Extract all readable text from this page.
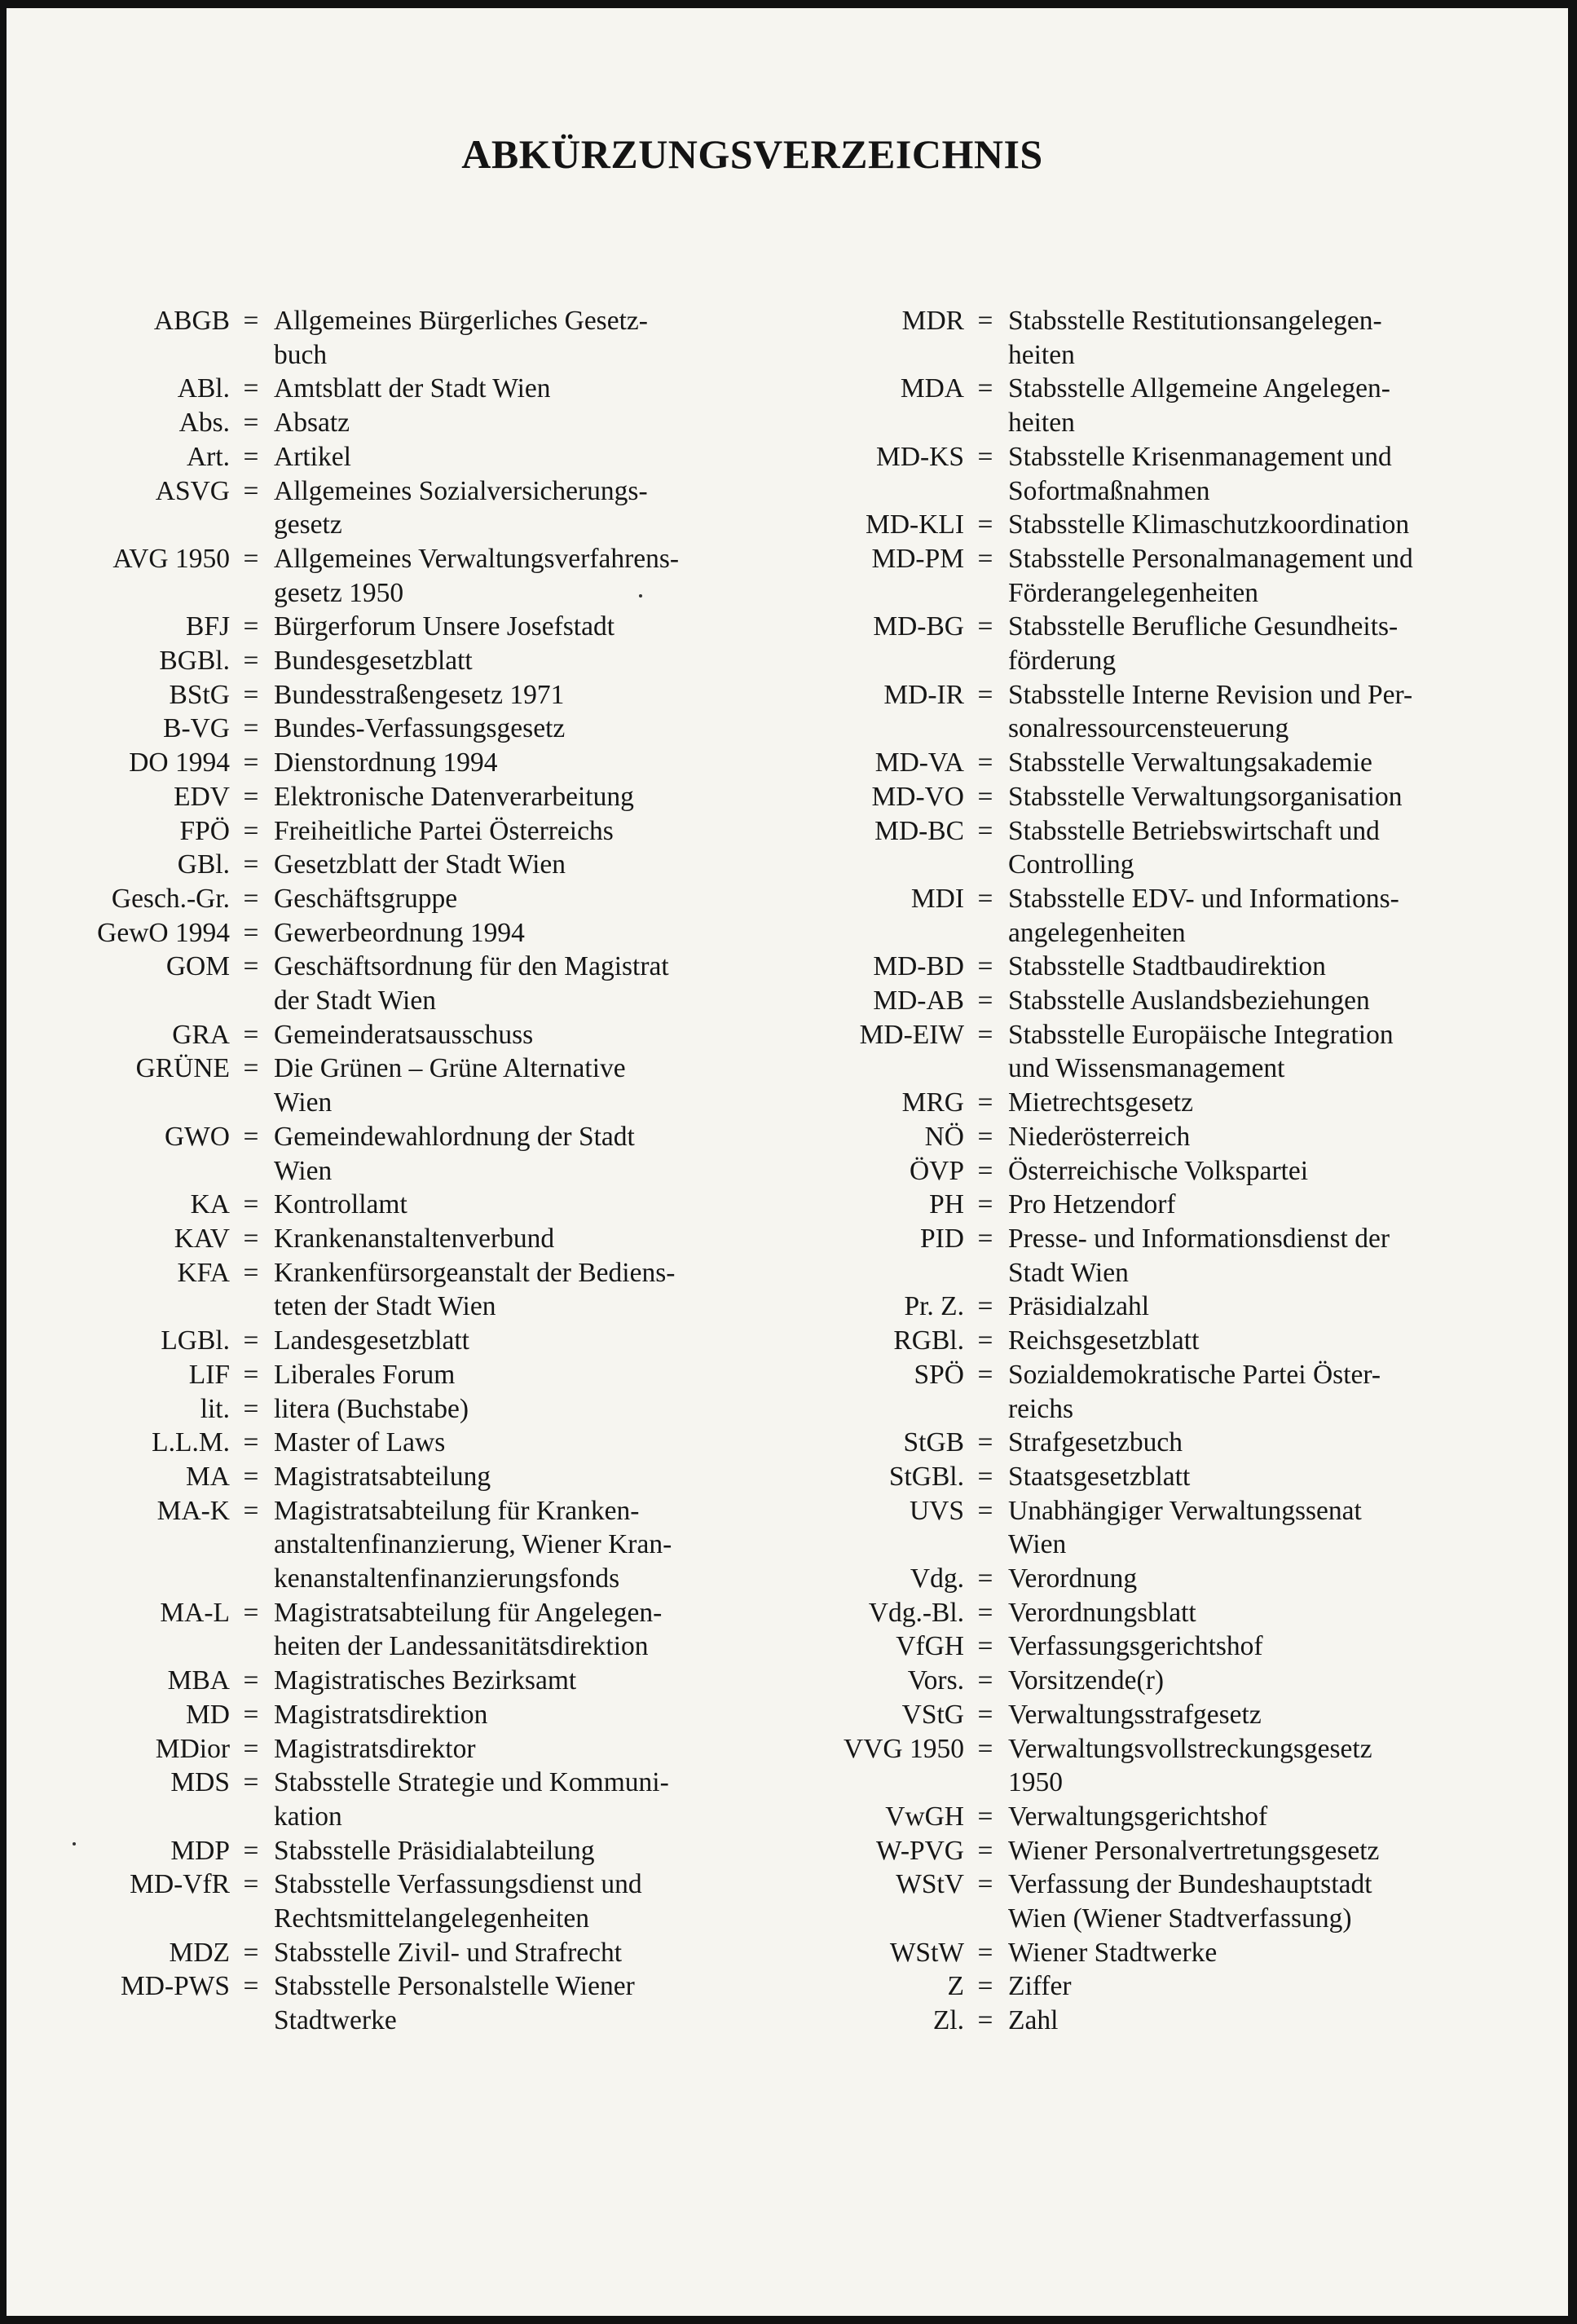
ABKÜRZUNGSVERZEICHNIS
ABGB = Allgemeines Bürgerliches Gesetz-
buch
ABl. = Amtsblatt der Stadt Wien
Abs. = Absatz
Art. = Artikel
ASVG = Allgemeines Sozialversicherungs-
gesetz
AVG 1950 = Allgemeines Verwaltungsverfahrens-
gesetz 1950
BFJ = Bürgerforum Unsere Josefstadt
BGBl. = Bundesgesetzblatt
BStG = Bundesstraßengesetz 1971
B-VG = Bundes-Verfassungsgesetz
DO 1994 = Dienstordnung 1994
EDV = Elektronische Datenverarbeitung
FPÖ = Freiheitliche Partei Österreichs
GBl. = Gesetzblatt der Stadt Wien
Gesch.-Gr. = Geschäftsgruppe
GewO 1994 = Gewerbeordnung 1994
GOM = Geschäftsordnung für den Magistrat
der Stadt Wien
GRA = Gemeinderatsausschuss
GRÜNE = Die Grünen – Grüne Alternative
Wien
GWO = Gemeindewahlordnung der Stadt
Wien
KA = Kontrollamt
KAV = Krankenanstaltenverbund
KFA = Krankenfürsorgeanstalt der Bediens-
teten der Stadt Wien
LGBl. = Landesgesetzblatt
LIF = Liberales Forum
lit. = litera (Buchstabe)
L.L.M. = Master of Laws
MA = Magistratsabteilung
MA-K = Magistratsabteilung für Kranken-
anstaltenfinanzierung, Wiener Kran-
kenanstaltenfinanzierungsfonds
MA-L = Magistratsabteilung für Angelegen-
heiten der Landessanitätsdirektion
MBA = Magistratisches Bezirksamt
MD = Magistratsdirektion
MDior = Magistratsdirektor
MDS = Stabsstelle Strategie und Kommuni-
kation
MDP = Stabsstelle Präsidialabteilung
MD-VfR = Stabsstelle Verfassungsdienst und
Rechtsmittelangelegenheiten
MDZ = Stabsstelle Zivil- und Strafrecht
MD-PWS = Stabsstelle Personalstelle Wiener
Stadtwerke
MDR = Stabsstelle Restitutionsangelegen-
heiten
MDA = Stabsstelle Allgemeine Angelegen-
heiten
MD-KS = Stabsstelle Krisenmanagement und
Sofortmaßnahmen
MD-KLI = Stabsstelle Klimaschutzkoordination
MD-PM = Stabsstelle Personalmanagement und
Förderangelegenheiten
MD-BG = Stabsstelle Berufliche Gesundheits-
förderung
MD-IR = Stabsstelle Interne Revision und Per-
sonalressourcensteuerung
MD-VA = Stabsstelle Verwaltungsakademie
MD-VO = Stabsstelle Verwaltungsorganisation
MD-BC = Stabsstelle Betriebswirtschaft und
Controlling
MDI = Stabsstelle EDV- und Informations-
angelegenheiten
MD-BD = Stabsstelle Stadtbaudirektion
MD-AB = Stabsstelle Auslandsbeziehungen
MD-EIW = Stabsstelle Europäische Integration
und Wissensmanagement
MRG = Mietrechtsgesetz
NÖ = Niederösterreich
ÖVP = Österreichische Volkspartei
PH = Pro Hetzendorf
PID = Presse- und Informationsdienst der
Stadt Wien
Pr. Z. = Präsidialzahl
RGBl. = Reichsgesetzblatt
SPÖ = Sozialdemokratische Partei Öster-
reichs
StGB = Strafgesetzbuch
StGBl. = Staatsgesetzblatt
UVS = Unabhängiger Verwaltungssenat
Wien
Vdg. = Verordnung
Vdg.-Bl. = Verordnungsblatt
VfGH = Verfassungsgerichtshof
Vors. = Vorsitzende(r)
VStG = Verwaltungsstrafgesetz
VVG 1950 = Verwaltungsvollstreckungsgesetz
1950
VwGH = Verwaltungsgerichtshof
W-PVG = Wiener Personalvertretungsgesetz
WStV = Verfassung der Bundeshauptstadt
Wien (Wiener Stadtverfassung)
WStW = Wiener Stadtwerke
Z = Ziffer
Zl. = Zahl
